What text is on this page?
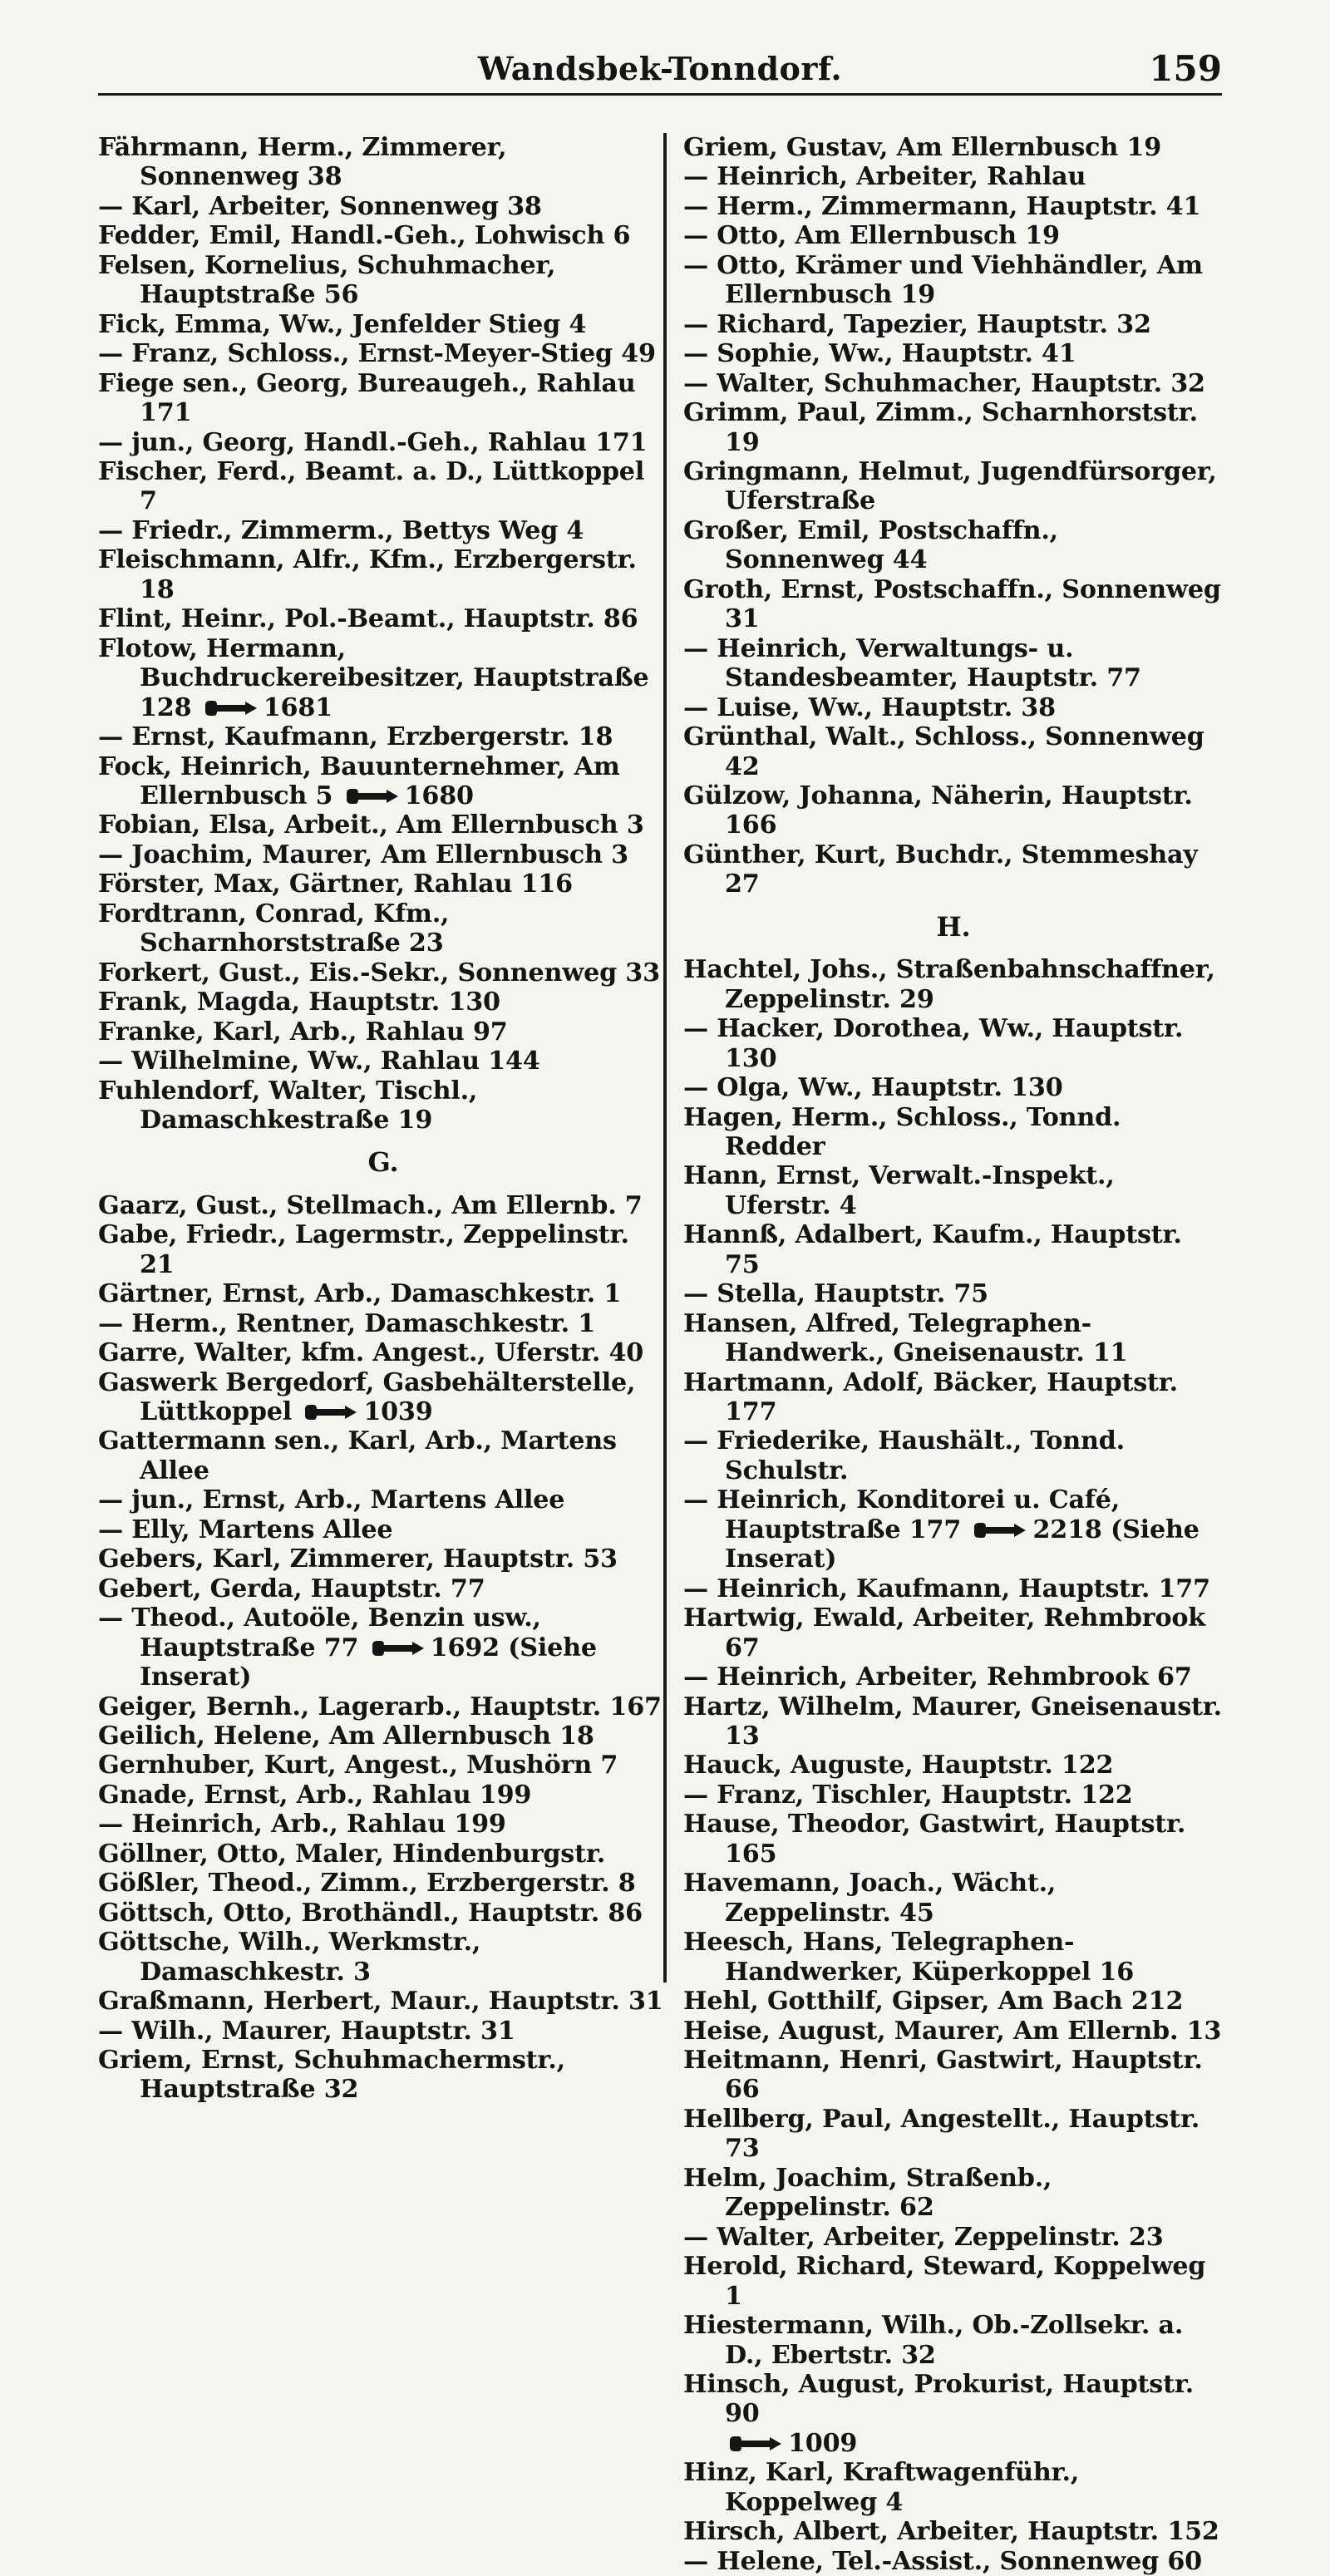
Wandsbek-Tonndorf.	159
Fährmann, Herm., Zimmerer, Sonnenweg 38
— Karl, Arbeiter, Sonnenweg 38
Fedder, Emil, Handl.-Geh., Lohwisch 6
Felsen, Kornelius, Schuhmacher, Hauptstraße 56
Fick, Emma, Ww., Jenfelder Stieg 4
— Franz, Schloss., Ernst-Meyer-Stieg 49
Fiege sen., Georg, Bureaugeh., Rahlau 171
— jun., Georg, Handl.-Geh., Rahlau 171
Fischer, Ferd., Beamt. a. D., Lüttkoppel 7
— Friedr., Zimmerm., Bettys Weg 4
Fleischmann, Alfr., Kfm., Erzbergerstr. 18
Flint, Heinr., Pol.-Beamt., Hauptstr. 86
Flotow, Hermann, Buchdruckereibesitzer, Hauptstraße 128	1681
— Ernst, Kaufmann, Erzbergerstr. 18
Fock, Heinrich, Bauunternehmer, Am Ellernbusch 5	1680
Fobian, Elsa, Arbeit., Am Ellernbusch 3
— Joachim, Maurer, Am Ellernbusch 3
Förster, Max, Gärtner, Rahlau 116
Fordtrann, Conrad, Kfm., Scharnhorststraße 23
Forkert, Gust., Eis.-Sekr., Sonnenweg 33
Frank, Magda, Hauptstr. 130
Franke, Karl, Arb., Rahlau 97
— Wilhelmine, Ww., Rahlau 144
Fuhlendorf, Walter, Tischl., Damaschkestraße 19
G.
Gaarz, Gust., Stellmach., Am Ellernb. 7
Gabe, Friedr., Lagermstr., Zeppelinstr. 21
Gärtner, Ernst, Arb., Damaschkestr. 1
— Herm., Rentner, Damaschkestr. 1
Garre, Walter, kfm. Angest., Uferstr. 40
Gaswerk Bergedorf, Gasbehälterstelle, Lüttkoppel	1039
Gattermann sen., Karl, Arb., Martens Allee
— jun., Ernst, Arb., Martens Allee
— Elly, Martens Allee
Gebers, Karl, Zimmerer, Hauptstr. 53
Gebert, Gerda, Hauptstr. 77
— Theod., Autoöle, Benzin usw., Hauptstraße 77	1692 (Siehe Inserat)
Geiger, Bernh., Lagerarb., Hauptstr. 167
Geilich, Helene, Am Allernbusch 18
Gernhuber, Kurt, Angest., Mushörn 7
Gnade, Ernst, Arb., Rahlau 199
— Heinrich, Arb., Rahlau 199
Göllner, Otto, Maler, Hindenburgstr.
Gößler, Theod., Zimm., Erzbergerstr. 8
Göttsch, Otto, Brothändl., Hauptstr. 86
Göttsche, Wilh., Werkmstr., Damaschkestr. 3
Graßmann, Herbert, Maur., Hauptstr. 31
— Wilh., Maurer, Hauptstr. 31
Griem, Ernst, Schuhmachermstr., Hauptstraße 32
Griem, Gustav, Am Ellernbusch 19
— Heinrich, Arbeiter, Rahlau
— Herm., Zimmermann, Hauptstr. 41
— Otto, Am Ellernbusch 19
— Otto, Krämer und Viehhändler, Am Ellernbusch 19
— Richard, Tapezier, Hauptstr. 32
— Sophie, Ww., Hauptstr. 41
— Walter, Schuhmacher, Hauptstr. 32
Grimm, Paul, Zimm., Scharnhorststr. 19
Gringmann, Helmut, Jugendfürsorger, Uferstraße
Großer, Emil, Postschaffn., Sonnenweg 44
Groth, Ernst, Postschaffn., Sonnenweg 31
— Heinrich, Verwaltungs- u. Standesbeamter, Hauptstr. 77
— Luise, Ww., Hauptstr. 38
Grünthal, Walt., Schloss., Sonnenweg 42
Gülzow, Johanna, Näherin, Hauptstr. 166
Günther, Kurt, Buchdr., Stemmeshay 27
H.
Hachtel, Johs., Straßenbahnschaffner, Zeppelinstr. 29
— Hacker, Dorothea, Ww., Hauptstr. 130
— Olga, Ww., Hauptstr. 130
Hagen, Herm., Schloss., Tonnd. Redder
Hann, Ernst, Verwalt.-Inspekt., Uferstr. 4
Hannß, Adalbert, Kaufm., Hauptstr. 75
— Stella, Hauptstr. 75
Hansen, Alfred, Telegraphen-Handwerk., Gneisenaustr. 11
Hartmann, Adolf, Bäcker, Hauptstr. 177
— Friederike, Haushält., Tonnd. Schulstr.
— Heinrich, Konditorei u. Café, Hauptstraße 177	2218 (Siehe Inserat)
— Heinrich, Kaufmann, Hauptstr. 177
Hartwig, Ewald, Arbeiter, Rehmbrook 67
— Heinrich, Arbeiter, Rehmbrook 67
Hartz, Wilhelm, Maurer, Gneisenaustr. 13
Hauck, Auguste, Hauptstr. 122
— Franz, Tischler, Hauptstr. 122
Hause, Theodor, Gastwirt, Hauptstr. 165
Havemann, Joach., Wächt., Zeppelinstr. 45
Heesch, Hans, Telegraphen-Handwerker, Küperkoppel 16
Hehl, Gotthilf, Gipser, Am Bach 212
Heise, August, Maurer, Am Ellernb. 13
Heitmann, Henri, Gastwirt, Hauptstr. 66
Hellberg, Paul, Angestellt., Hauptstr. 73
Helm, Joachim, Straßenb., Zeppelinstr. 62
— Walter, Arbeiter, Zeppelinstr. 23
Herold, Richard, Steward, Koppelweg 1
Hiestermann, Wilh., Ob.-Zollsekr. a. D., Ebertstr. 32
Hinsch, August, Prokurist, Hauptstr. 90
1009
Hinz, Karl, Kraftwagenführ., Koppelweg 4
Hirsch, Albert, Arbeiter, Hauptstr. 152
— Helene, Tel.-Assist., Sonnenweg 60
